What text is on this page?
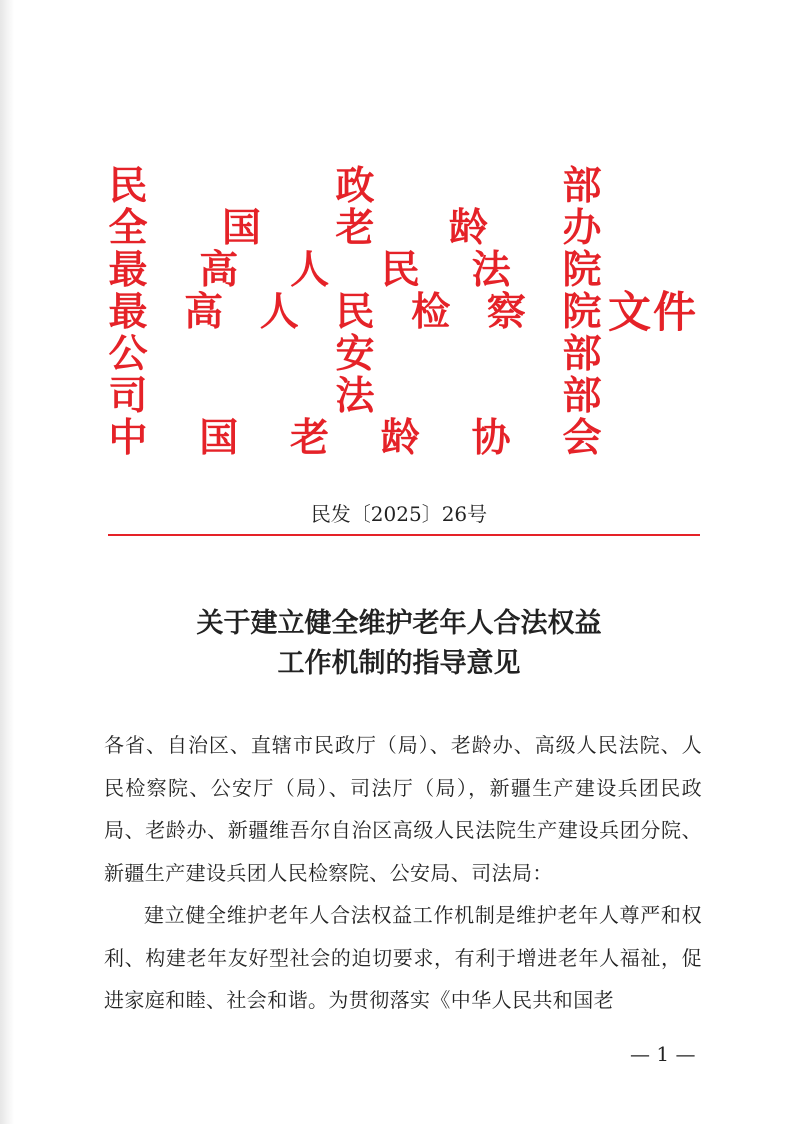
民	政	部
全 国 老 龄 办
最 高 人 民 法 院
最 高 人 民 检 察 院
公	安	部
司	法	部
中 国 老 龄 协 会
文件
民发〔2025〕26号
关于建立健全维护老年人合法权益
工作机制的指导意见

各省、自治区、直辖市民政厅（局）、老龄办、高级人民法院、人民检察院、公安厅（局）、司法厅（局），新疆生产建设兵团民政局、老龄办、新疆维吾尔自治区高级人民法院生产建设兵团分院、新疆生产建设兵团人民检察院、公安局、司法局：

建立健全维护老年人合法权益工作机制是维护老年人尊严和权利、构建老年友好型社会的迫切要求，有利于增进老年人福祉，促进家庭和睦、社会和谐。为贯彻落实《中华人民共和国老

— 1 —
